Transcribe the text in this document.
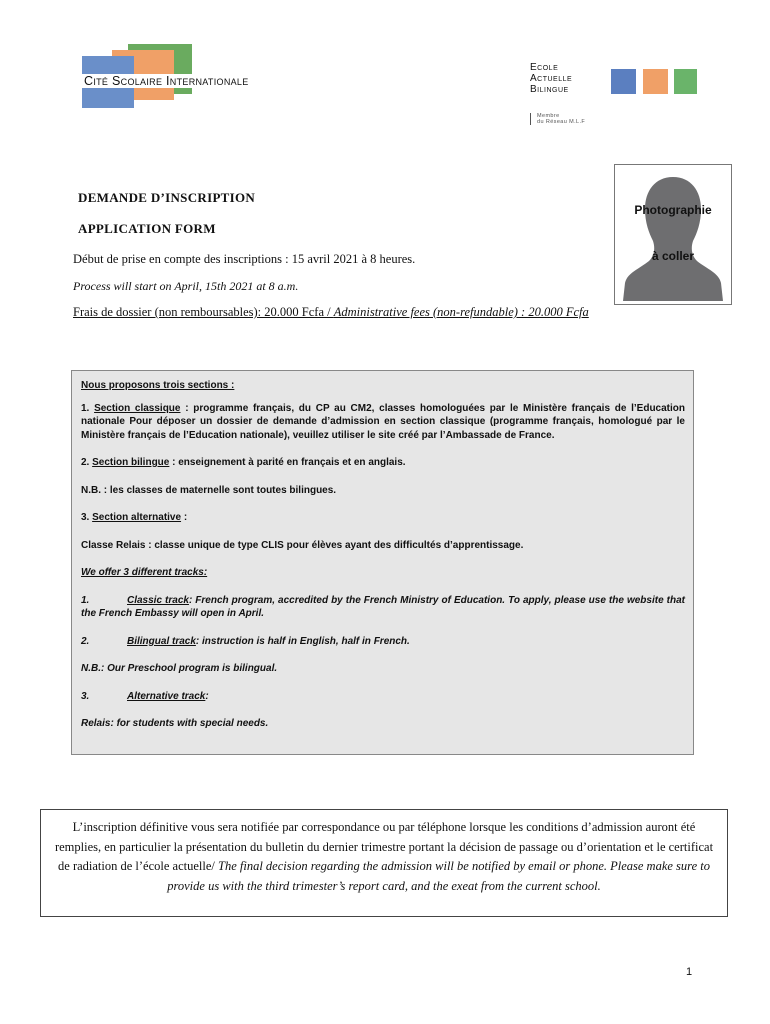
Cité Scolaire Internationale
Ecole
Actuelle
Bilingue
Membre
du Réseau M.L.F
Photographie
à coller
DEMANDE D’INSCRIPTION
APPLICATION FORM
Début de prise en compte des inscriptions : 15 avril 2021 à 8 heures.
Process will start on April, 15th 2021 at 8 a.m.
Frais de dossier (non remboursables): 20.000 Fcfa / Administrative fees (non-refundable) : 20.000 Fcfa

Nous proposons trois sections :

1. Section classique : programme français, du CP au CM2, classes homologuées par le Ministère français de l’Education nationale Pour déposer un dossier de demande d’admission en section classique (programme français, homologué par le Ministère français de l’Education nationale), veuillez utiliser le site créé par l’Ambassade de France.

2. Section bilingue : enseignement à parité en français et en anglais.

N.B. : les classes de maternelle sont toutes bilingues.

3. Section alternative :

Classe Relais : classe unique de type CLIS pour élèves ayant des difficultés d’apprentissage.

We offer 3 different tracks:

1.	Classic track: French program, accredited by the French Ministry of Education. To apply, please use the website that the French Embassy will open in April.

2.	Bilingual track: instruction is half in English, half in French.

N.B.: Our Preschool program is bilingual.

3.	Alternative track:

Relais: for students with special needs.

L’inscription définitive vous sera notifiée par correspondance ou par téléphone lorsque les conditions d’admission auront été remplies, en particulier la présentation du bulletin du dernier trimestre portant la décision de passage ou d’orientation et le certificat de radiation de l’école actuelle/ The final decision regarding the admission will be notified by email or phone. Please make sure to provide us with the third trimester’s report card, and the exeat from the current school.
1
